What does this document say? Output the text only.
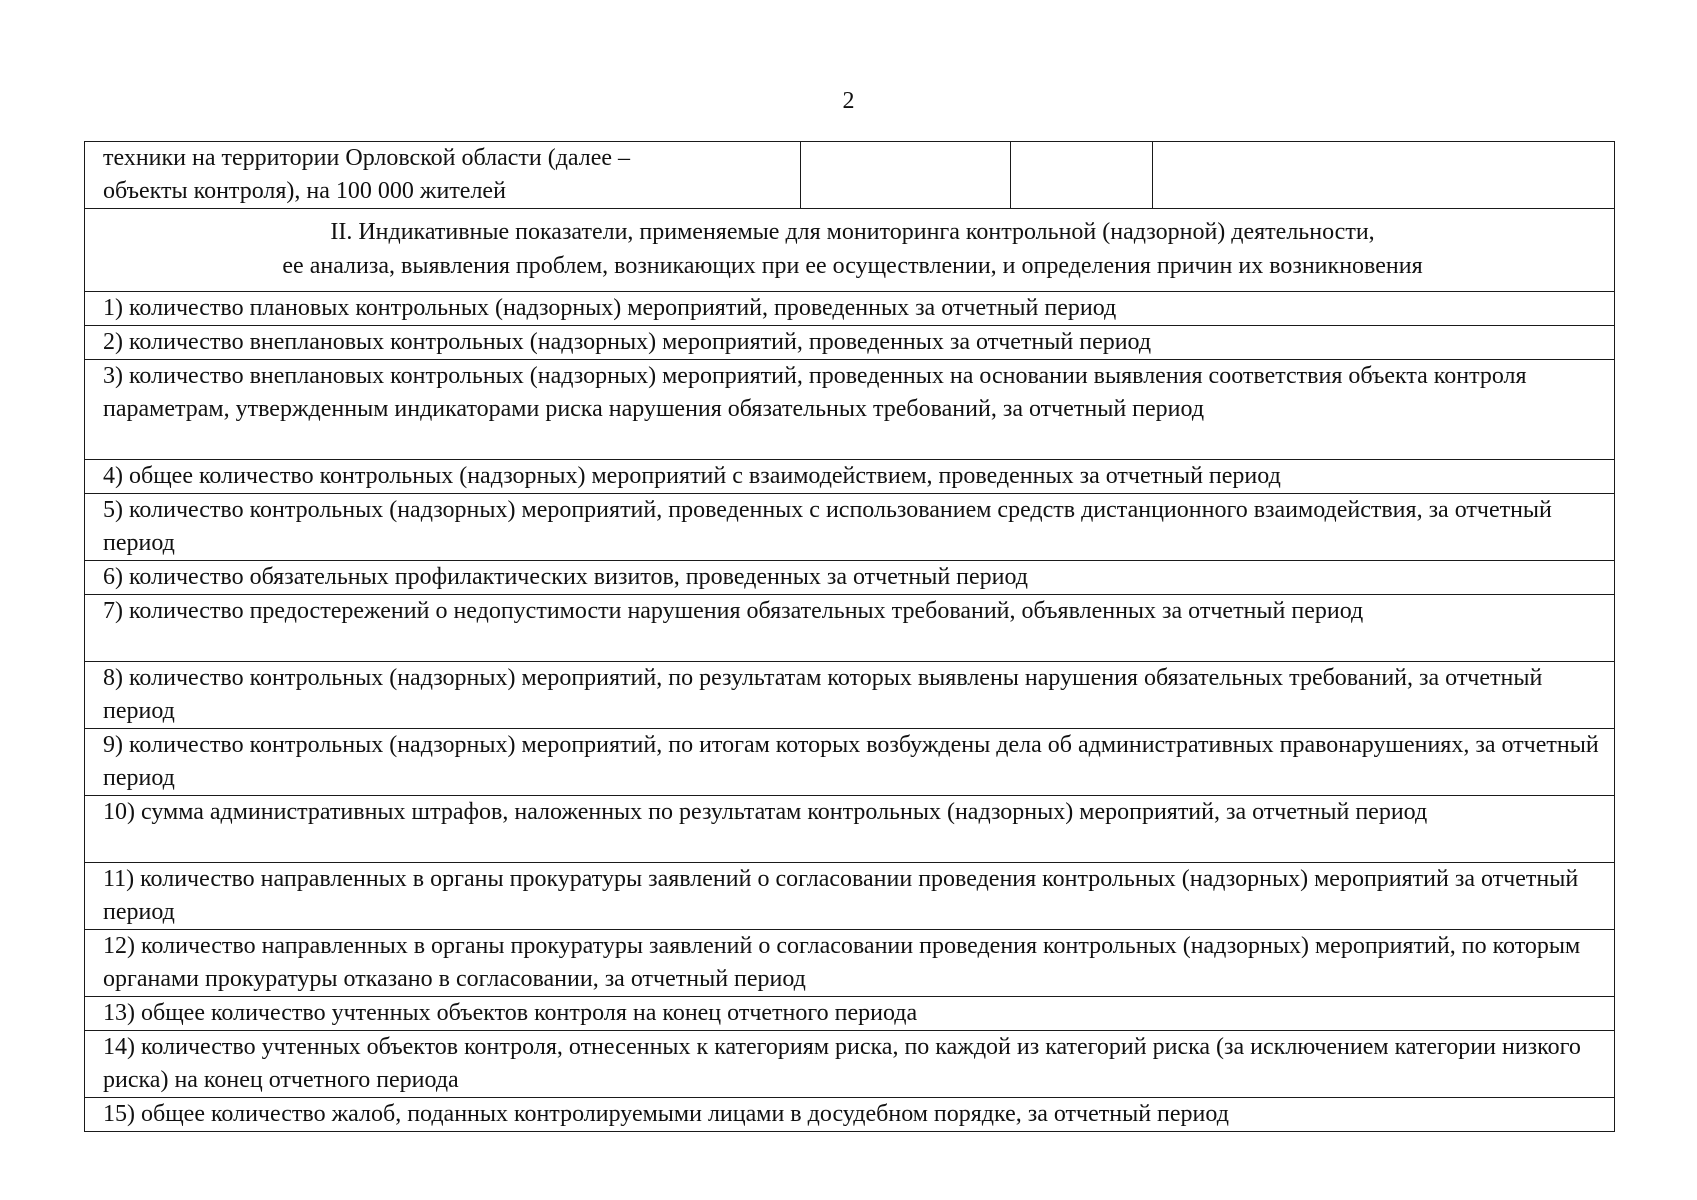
2
техники на территории Орловской области (далее –
объекты контроля), на 100 000 жителей			

II. Индикативные показатели, применяемые для мониторинга контрольной (надзорной) деятельности,
ее анализа, выявления проблем, возникающих при ее осуществлении, и определения причин их возникновения

1) количество плановых контрольных (надзорных) мероприятий, проведенных за отчетный период
2) количество внеплановых контрольных (надзорных) мероприятий, проведенных за отчетный период
3) количество внеплановых контрольных (надзорных) мероприятий, проведенных на основании выявления соответствия объекта контроля параметрам, утвержденным индикаторами риска нарушения обязательных требований, за отчетный период
4) общее количество контрольных (надзорных) мероприятий с взаимодействием, проведенных за отчетный период
5) количество контрольных (надзорных) мероприятий, проведенных с использованием средств дистанционного взаимодействия, за отчетный период
6) количество обязательных профилактических визитов, проведенных за отчетный период
7) количество предостережений о недопустимости нарушения обязательных требований, объявленных за отчетный период
8) количество контрольных (надзорных) мероприятий, по результатам которых выявлены нарушения обязательных требований, за отчетный период
9) количество контрольных (надзорных) мероприятий, по итогам которых возбуждены дела об административных правонарушениях, за отчетный период
10) сумма административных штрафов, наложенных по результатам контрольных (надзорных) мероприятий, за отчетный период
11) количество направленных в органы прокуратуры заявлений о согласовании проведения контрольных (надзорных) мероприятий за отчетный период
12) количество направленных в органы прокуратуры заявлений о согласовании проведения контрольных (надзорных) мероприятий, по которым органами прокуратуры отказано в согласовании, за отчетный период
13) общее количество учтенных объектов контроля на конец отчетного периода
14) количество учтенных объектов контроля, отнесенных к категориям риска, по каждой из категорий риска (за исключением категории низкого риска) на конец отчетного периода
15) общее количество жалоб, поданных контролируемыми лицами в досудебном порядке, за отчетный период
